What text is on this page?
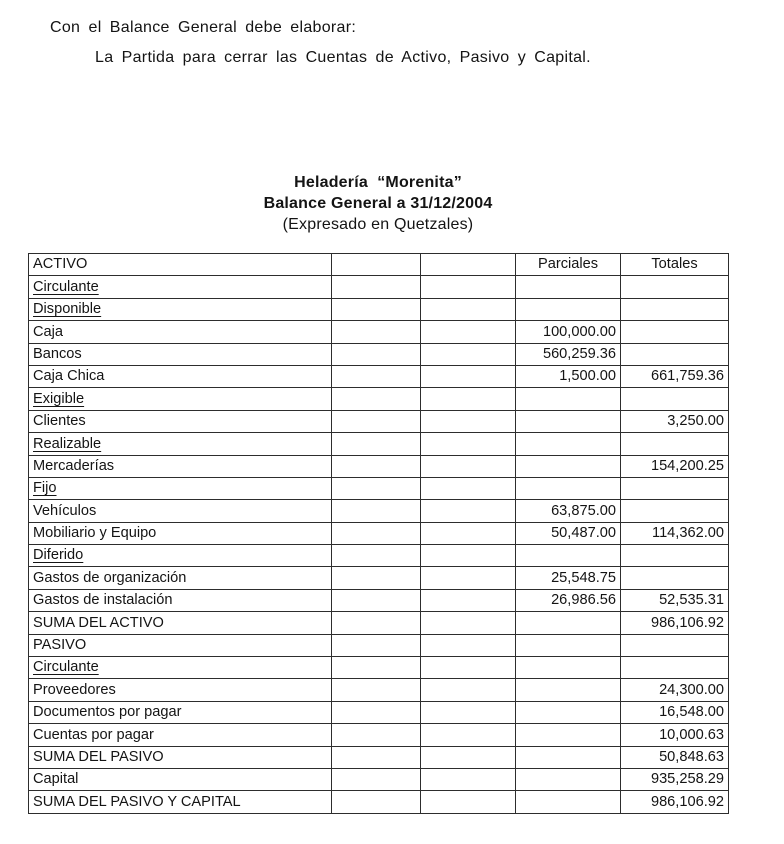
Con el Balance General debe elaborar:

La Partida para cerrar las Cuentas de Activo, Pasivo y Capital.

Heladería  “Morenita”
Balance General a 31/12/2004
(Expresado en Quetzales)
ACTIVO			Parciales	Totales
Circulante				
Disponible				
Caja			100,000.00	
Bancos			560,259.36	
Caja Chica			1,500.00	661,759.36
Exigible				
Clientes				3,250.00
Realizable				
Mercaderías				154,200.25
Fijo				
Vehículos			63,875.00	
Mobiliario y Equipo			50,487.00	114,362.00
Diferido				
Gastos de organización			25,548.75	
Gastos de instalación			26,986.56	52,535.31
SUMA DEL ACTIVO				986,106.92
PASIVO				
Circulante				
Proveedores				24,300.00
Documentos por pagar				16,548.00
Cuentas por pagar				10,000.63
SUMA DEL PASIVO				50,848.63
Capital				935,258.29
SUMA DEL PASIVO Y CAPITAL				986,106.92
